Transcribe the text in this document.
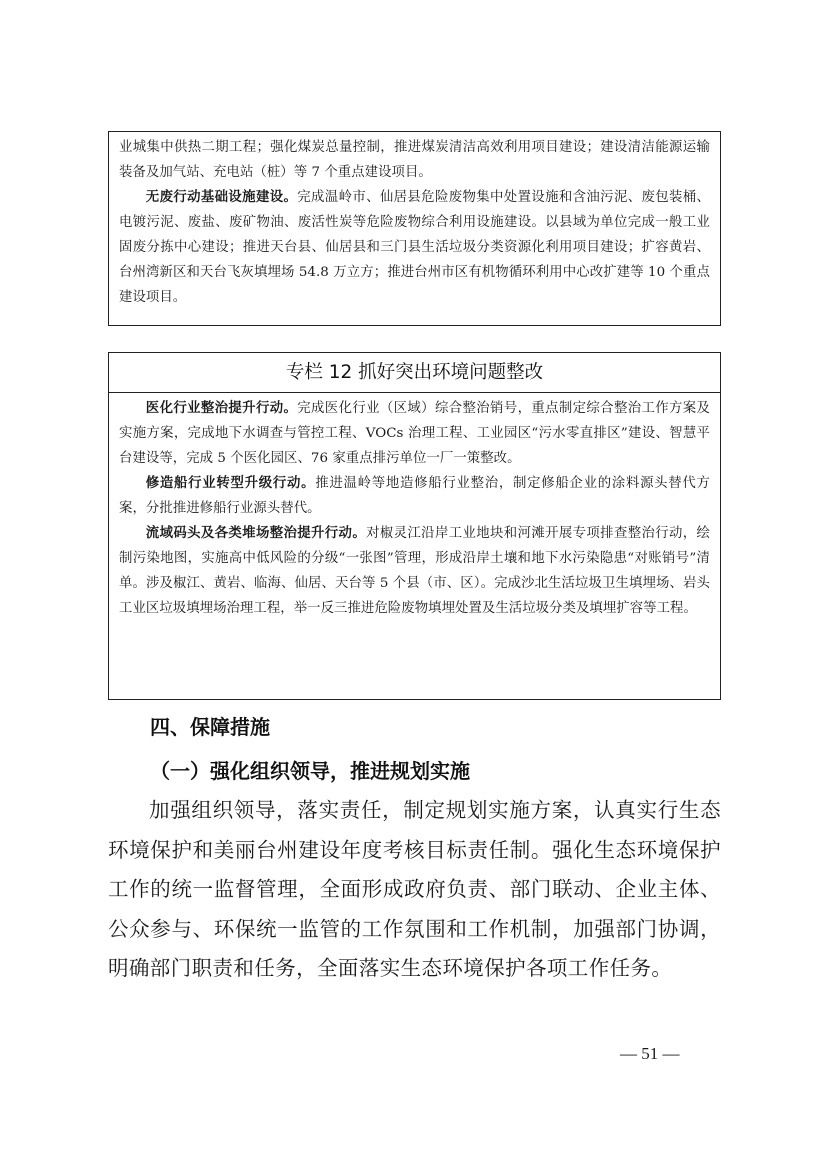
业城集中供热二期工程；强化煤炭总量控制，推进煤炭清洁高效利用项目建设；建设清洁能源运输装备及加气站、充电站（桩）等 7 个重点建设项目。

无废行动基础设施建设。完成温岭市、仙居县危险废物集中处置设施和含油污泥、废包装桶、电镀污泥、废盐、废矿物油、废活性炭等危险废物综合利用设施建设。以县域为单位完成一般工业固废分拣中心建设；推进天台县、仙居县和三门县生活垃圾分类资源化利用项目建设；扩容黄岩、台州湾新区和天台飞灰填埋场 54.8 万立方；推进台州市区有机物循环利用中心改扩建等 10 个重点建设项目。

专栏 12 抓好突出环境问题整改

医化行业整治提升行动。完成医化行业（区域）综合整治销号，重点制定综合整治工作方案及实施方案，完成地下水调查与管控工程、VOCs 治理工程、工业园区“污水零直排区”建设、智慧平台建设等，完成 5 个医化园区、76 家重点排污单位一厂一策整改。

修造船行业转型升级行动。推进温岭等地造修船行业整治，制定修船企业的涂料源头替代方案，分批推进修船行业源头替代。

流域码头及各类堆场整治提升行动。对椒灵江沿岸工业地块和河滩开展专项排查整治行动，绘制污染地图，实施高中低风险的分级“一张图”管理，形成沿岸土壤和地下水污染隐患“对账销号”清单。涉及椒江、黄岩、临海、仙居、天台等 5 个县（市、区）。完成沙北生活垃圾卫生填埋场、岩头工业区垃圾填埋场治理工程，举一反三推进危险废物填埋处置及生活垃圾分类及填埋扩容等工程。

四、保障措施
（一）强化组织领导，推进规划实施

加强组织领导，落实责任，制定规划实施方案，认真实行生态环境保护和美丽台州建设年度考核目标责任制。强化生态环境保护工作的统一监督管理，全面形成政府负责、部门联动、企业主体、公众参与、环保统一监管的工作氛围和工作机制，加强部门协调，明确部门职责和任务，全面落实生态环境保护各项工作任务。

— 51 —
